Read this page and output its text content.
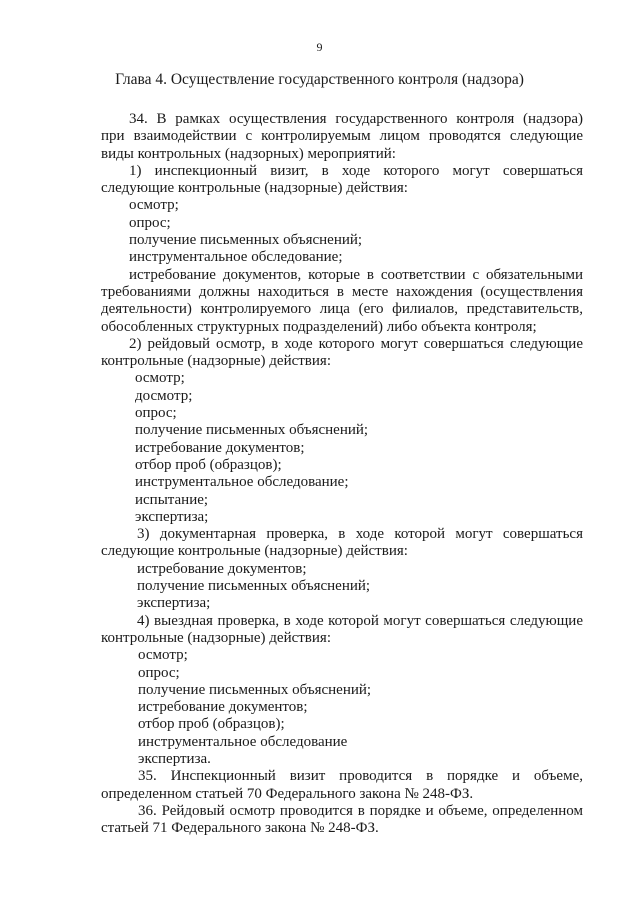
9
Глава 4. Осуществление государственного контроля (надзора)
34. В рамках осуществления государственного контроля (надзора)
при взаимодействии с контролируемым лицом проводятся следующие
виды контрольных (надзорных) мероприятий:
1) инспекционный визит, в ходе которого могут совершаться
следующие контрольные (надзорные) действия:
осмотр;
опрос;
получение письменных объяснений;
инструментальное обследование;
истребование документов, которые в соответствии с обязательными
требованиями должны находиться в месте нахождения (осуществления
деятельности) контролируемого лица (его филиалов, представительств,
обособленных структурных подразделений) либо объекта контроля;
2) рейдовый осмотр, в ходе которого могут совершаться следующие
контрольные (надзорные) действия:
осмотр;
досмотр;
опрос;
получение письменных объяснений;
истребование документов;
отбор проб (образцов);
инструментальное обследование;
испытание;
экспертиза;
3) документарная проверка, в ходе которой могут совершаться
следующие контрольные (надзорные) действия:
истребование документов;
получение письменных объяснений;
экспертиза;
4) выездная проверка, в ходе которой могут совершаться следующие
контрольные (надзорные) действия:
осмотр;
опрос;
получение письменных объяснений;
истребование документов;
отбор проб (образцов);
инструментальное обследование
экспертиза.
35. Инспекционный визит проводится в порядке и объеме,
определенном статьей 70 Федерального закона № 248-ФЗ.
36. Рейдовый осмотр проводится в порядке и объеме, определенном
статьей 71 Федерального закона № 248-ФЗ.
